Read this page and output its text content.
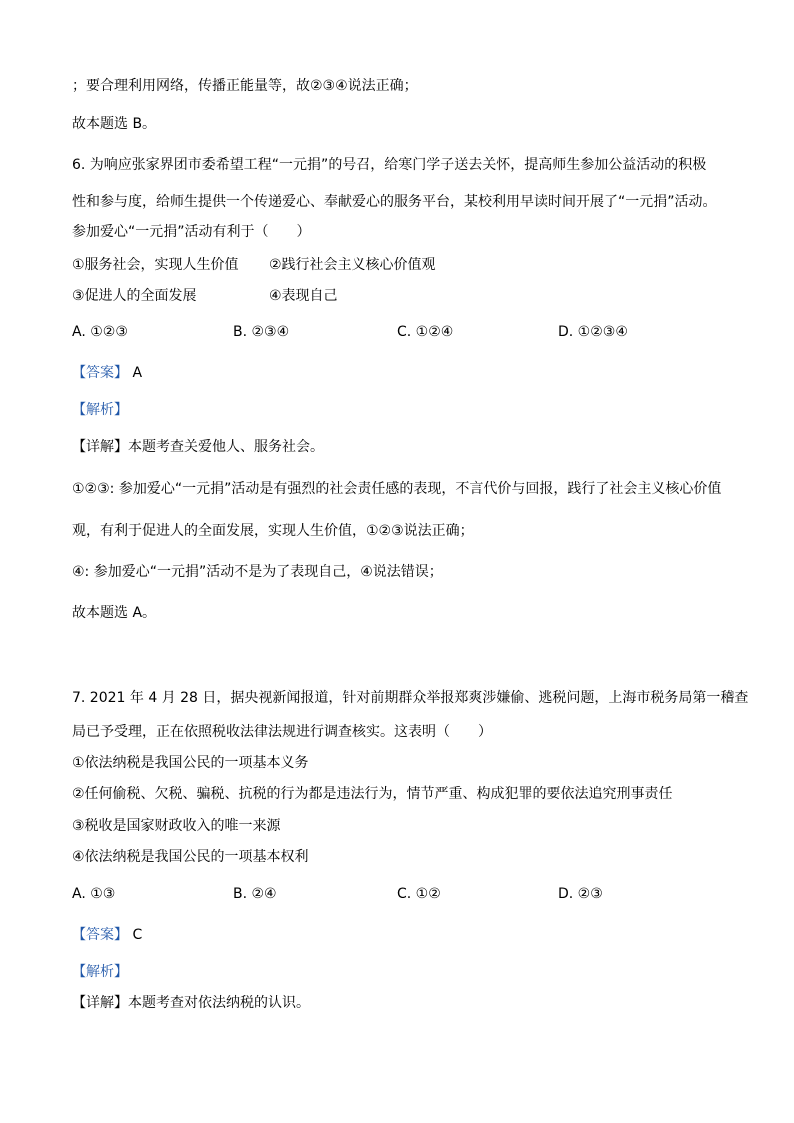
；要合理利用网络，传播正能量等，故②③④说法正确；
故本题选 B。
6. 为响应张家界团市委希望工程“一元捐”的号召，给寒门学子送去关怀，提高师生参加公益活动的积极
性和参与度，给师生提供一个传递爱心、奉献爱心的服务平台，某校利用早读时间开展了“一元捐”活动。
参加爱心“一元捐”活动有利于（　　）
①服务社会，实现人生价值 ②践行社会主义核心价值观
③促进人的全面发展	④表现自己
A. ①②③	B. ②③④	C. ①②④	D. ①②③④
【答案】 A
【解析】
【详解】本题考查关爱他人、服务社会。
①②③: 参加爱心“一元捐”活动是有强烈的社会责任感的表现，不言代价与回报，践行了社会主义核心价值
观，有利于促进人的全面发展，实现人生价值，①②③说法正确；
④: 参加爱心“一元捐”活动不是为了表现自己，④说法错误；
故本题选 A。
7. 2021 年 4 月 28 日，据央视新闻报道，针对前期群众举报郑爽涉嫌偷、逃税问题，上海市税务局第一稽查
局已予受理，正在依照税收法律法规进行调查核实。这表明（　　）
①依法纳税是我国公民的一项基本义务
②任何偷税、欠税、骗税、抗税的行为都是违法行为，情节严重、构成犯罪的要依法追究刑事责任
③税收是国家财政收入的唯一来源
④依法纳税是我国公民的一项基本权利
A. ①③	B. ②④	C. ①②	D. ②③
【答案】 C
【解析】
【详解】本题考查对依法纳税的认识。
